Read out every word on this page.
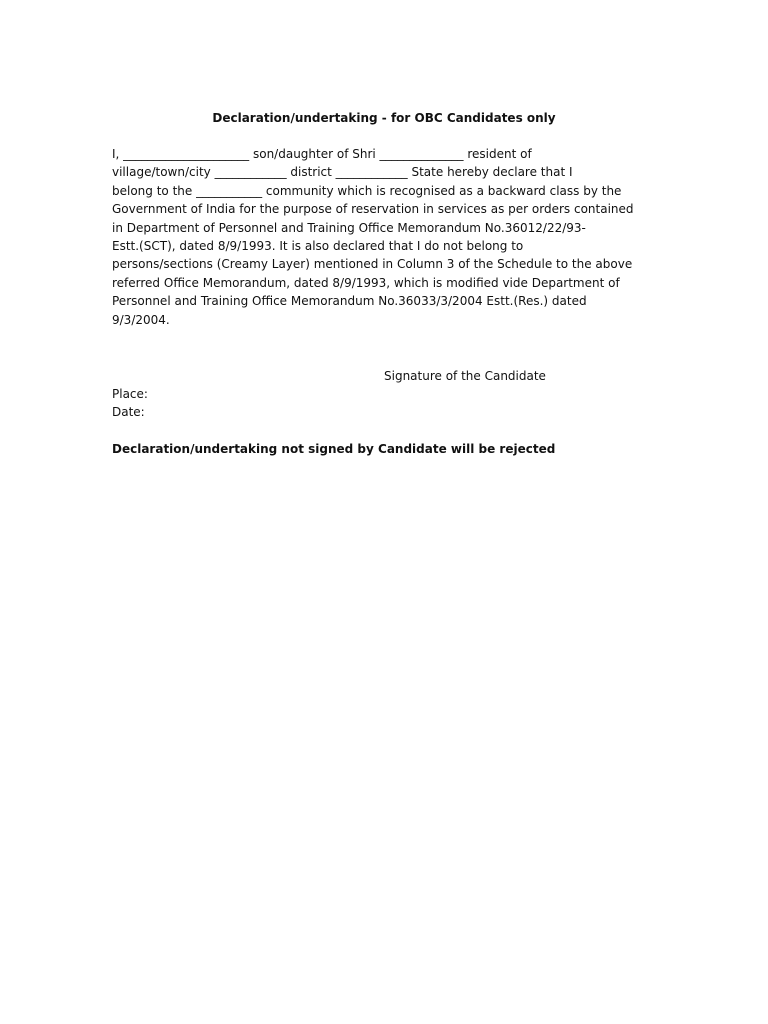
Declaration/undertaking - for OBC Candidates only

I, _____________________ son/daughter of Shri ______________ resident of
village/town/city ____________ district ____________ State hereby declare that I
belong to the ___________ community which is recognised as a backward class by the
Government of India for the purpose of reservation in services as per orders contained
in Department of Personnel and Training Office Memorandum No.36012/22/93-
Estt.(SCT), dated 8/9/1993. It is also declared that I do not belong to
persons/sections (Creamy Layer) mentioned in Column 3 of the Schedule to the above
referred Office Memorandum, dated 8/9/1993, which is modified vide Department of
Personnel and Training Office Memorandum No.36033/3/2004 Estt.(Res.) dated
9/3/2004.

Signature of the Candidate

Place:

Date:

Declaration/undertaking not signed by Candidate will be rejected
